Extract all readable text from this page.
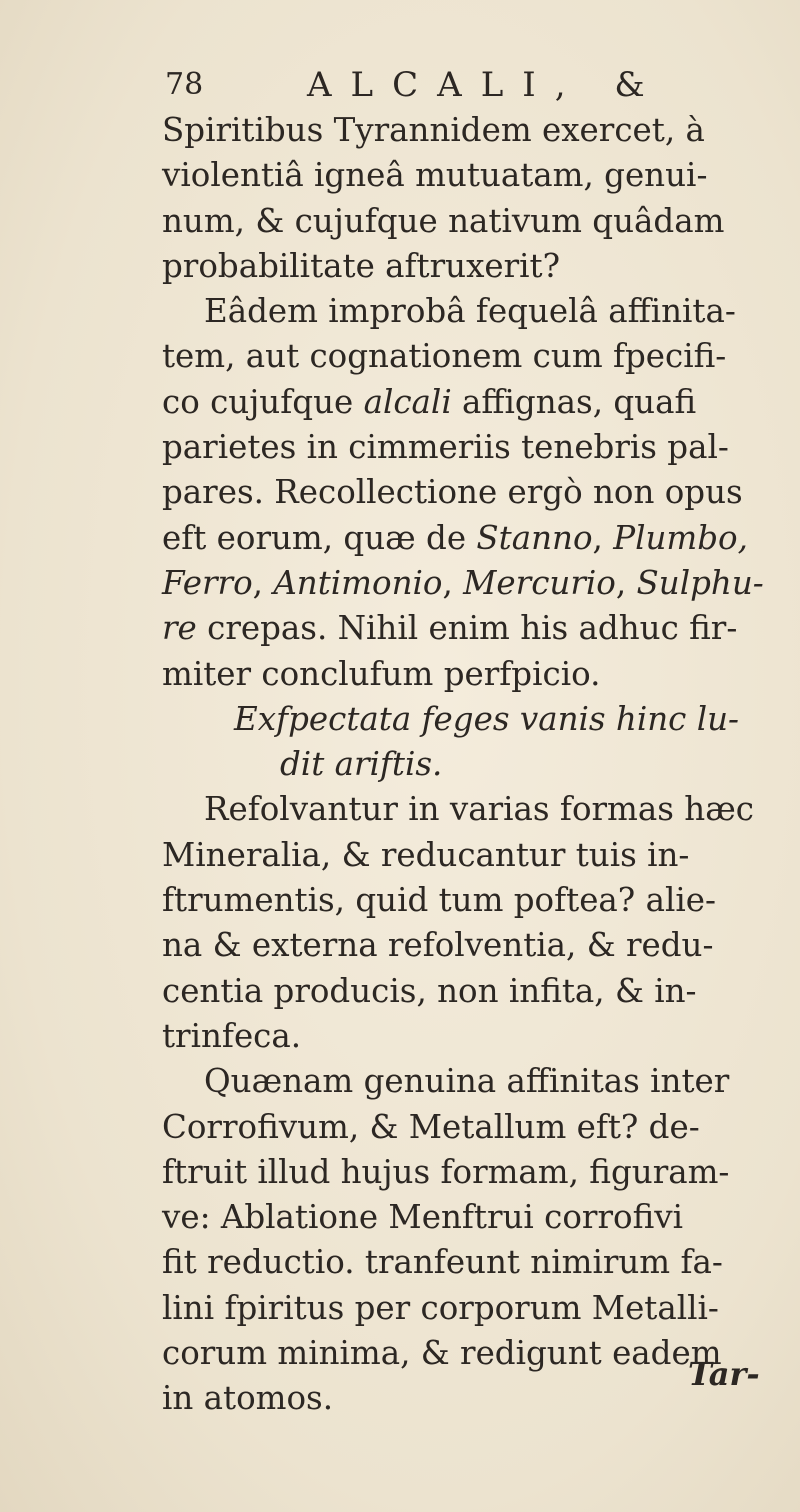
78	ALCALI, &
Spiritibus Tyrannidem exercet, à
violentiâ igneâ mutuatam, genui-
num, & cujufque nativum quâdam
probabilitate aftruxerit?
Eâdem improbâ fequelâ affinita-
tem, aut cognationem cum fpecifi-
co cujufque alcali affignas, quafi
parietes in cimmeriis tenebris pal-
pares. Recollectione ergò non opus
eft eorum, quæ de Stanno, Plumbo,
Ferro, Antimonio, Mercurio, Sulphu-
re crepas. Nihil enim his adhuc fir-
miter conclufum perfpicio.
Exfpectata feges vanis hinc lu-
dit ariftis.
Refolvantur in varias formas hæc
Mineralia, & reducantur tuis in-
ftrumentis, quid tum poftea? alie-
na & externa refolventia, & redu-
centia producis, non infita, & in-
trinfeca.
Quænam genuina affinitas inter
Corrofivum, & Metallum eft? de-
ftruit illud hujus formam, figuram-
ve: Ablatione Menftrui corrofivi
fit reductio. tranfeunt nimirum fa-
lini fpiritus per corporum Metalli-
corum minima, & redigunt eadem
in atomos.
Tar-
